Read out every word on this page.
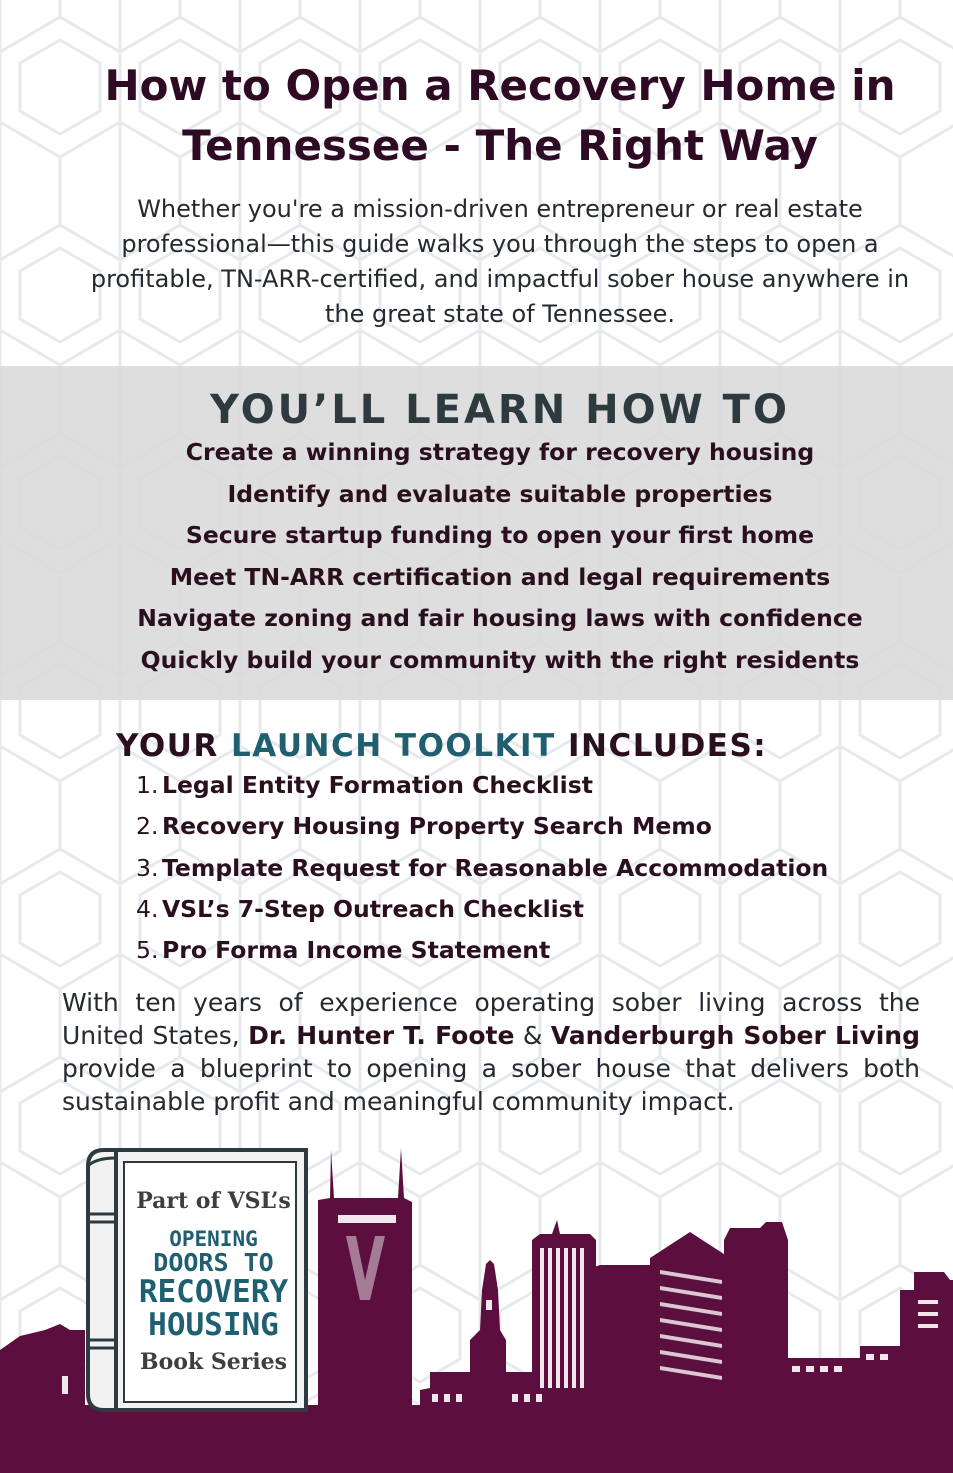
How to Open a Recovery Home in
Tennessee - The Right Way
Whether you're a mission-driven entrepreneur or real estate professional—this guide walks you through the steps to open a profitable, TN-ARR-certified, and impactful sober house anywhere in the great state of Tennessee.
YOU’LL LEARN HOW TO
Create a winning strategy for recovery housing
Identify and evaluate suitable properties
Secure startup funding to open your first home
Meet TN-ARR certification and legal requirements
Navigate zoning and fair housing laws with confidence
Quickly build your community with the right residents
YOUR LAUNCH TOOLKIT INCLUDES:
1. Legal Entity Formation Checklist
2. Recovery Housing Property Search Memo
3. Template Request for Reasonable Accommodation
4. VSL’s 7-Step Outreach Checklist
5. Pro Forma Income Statement
With ten years of experience operating sober living across the United States, Dr. Hunter T. Foote & Vanderburgh Sober Living provide a blueprint to opening a sober house that delivers both sustainable profit and meaningful community impact.
Part of VSL’s
OPENING
DOORS TO
RECOVERY
HOUSING
Book Series
